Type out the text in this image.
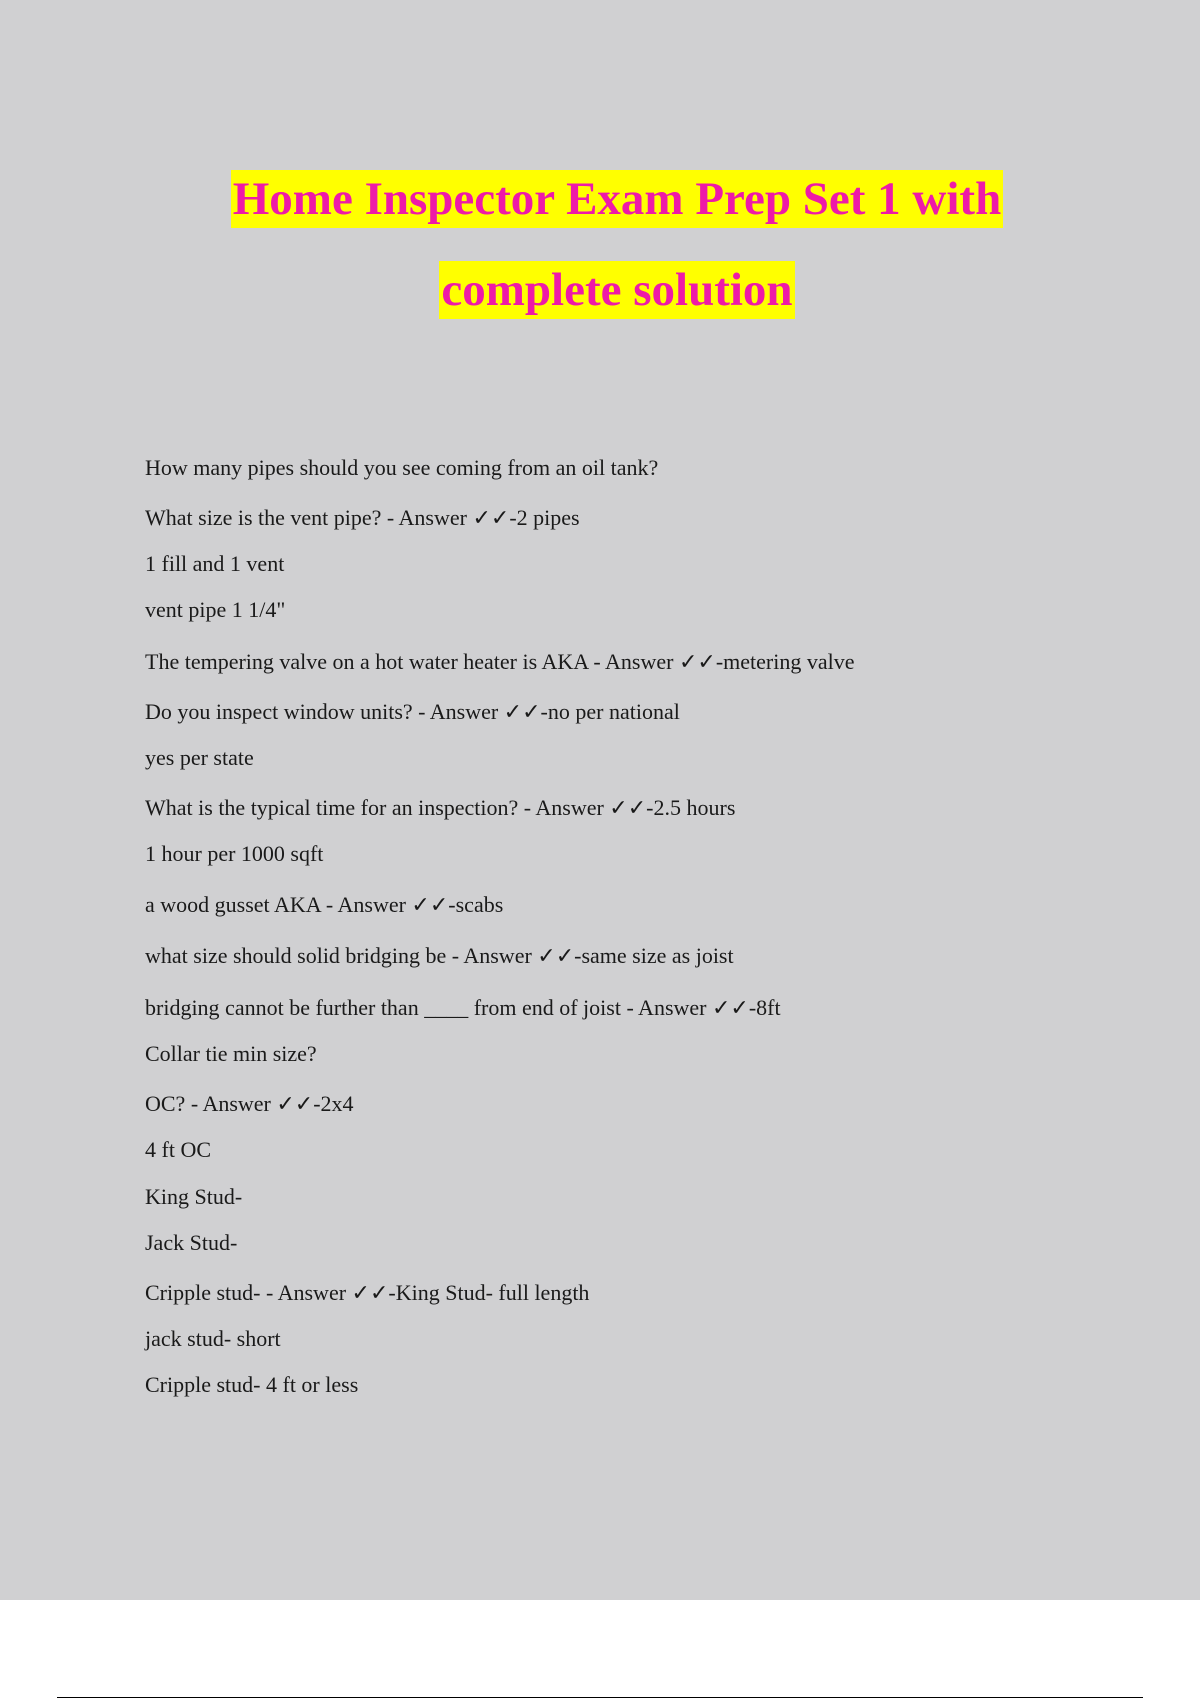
Home Inspector Exam Prep Set 1 with
complete solution
How many pipes should you see coming from an oil tank?
What size is the vent pipe? - Answer ✓✓-2 pipes
1 fill and 1 vent
vent pipe 1 1/4"
The tempering valve on a hot water heater is AKA - Answer ✓✓-metering valve
Do you inspect window units? - Answer ✓✓-no per national
yes per state
What is the typical time for an inspection? - Answer ✓✓-2.5 hours
1 hour per 1000 sqft
a wood gusset AKA - Answer ✓✓-scabs
what size should solid bridging be - Answer ✓✓-same size as joist
bridging cannot be further than ____ from end of joist - Answer ✓✓-8ft
Collar tie min size?
OC? - Answer ✓✓-2x4
4 ft OC
King Stud-
Jack Stud-
Cripple stud- - Answer ✓✓-King Stud- full length
jack stud- short
Cripple stud- 4 ft or less
